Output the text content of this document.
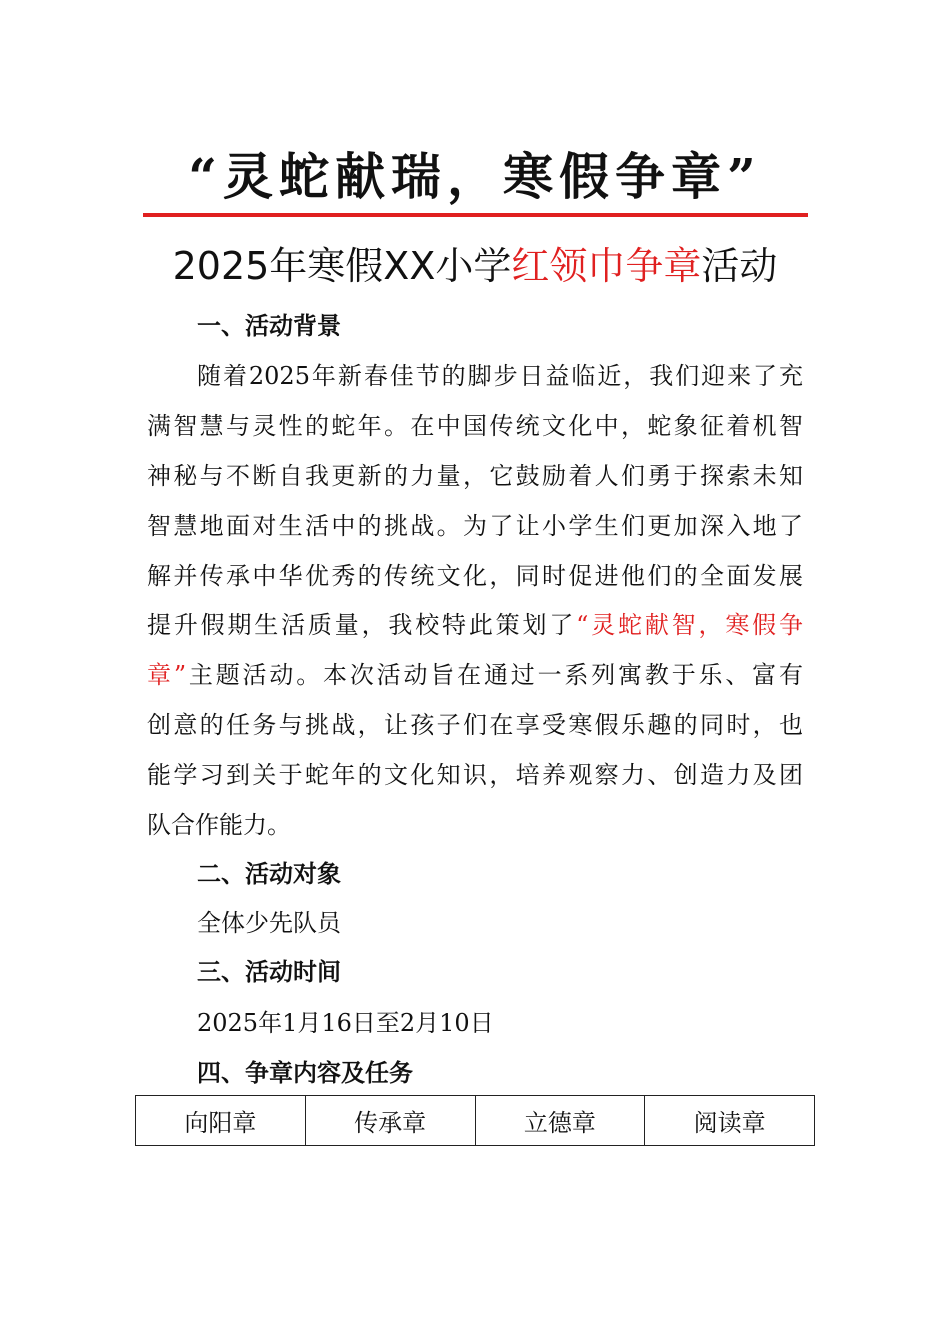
“灵蛇献瑞，寒假争章”
2025年寒假XX小学红领巾争章活动
一、活动背景
随着2025年新春佳节的脚步日益临近，我们迎来了充
满智慧与灵性的蛇年。在中国传统文化中，蛇象征着机智
神秘与不断自我更新的力量，它鼓励着人们勇于探索未知
智慧地面对生活中的挑战。为了让小学生们更加深入地了
解并传承中华优秀的传统文化，同时促进他们的全面发展
提升假期生活质量，我校特此策划了“灵蛇献智，寒假争
章”主题活动。本次活动旨在通过一系列寓教于乐、富有
创意的任务与挑战，让孩子们在享受寒假乐趣的同时，也
能学习到关于蛇年的文化知识，培养观察力、创造力及团
队合作能力。
二、活动对象
全体少先队员
三、活动时间
2025年1月16日至2月10日
四、争章内容及任务
向阳章	传承章	立德章	阅读章
